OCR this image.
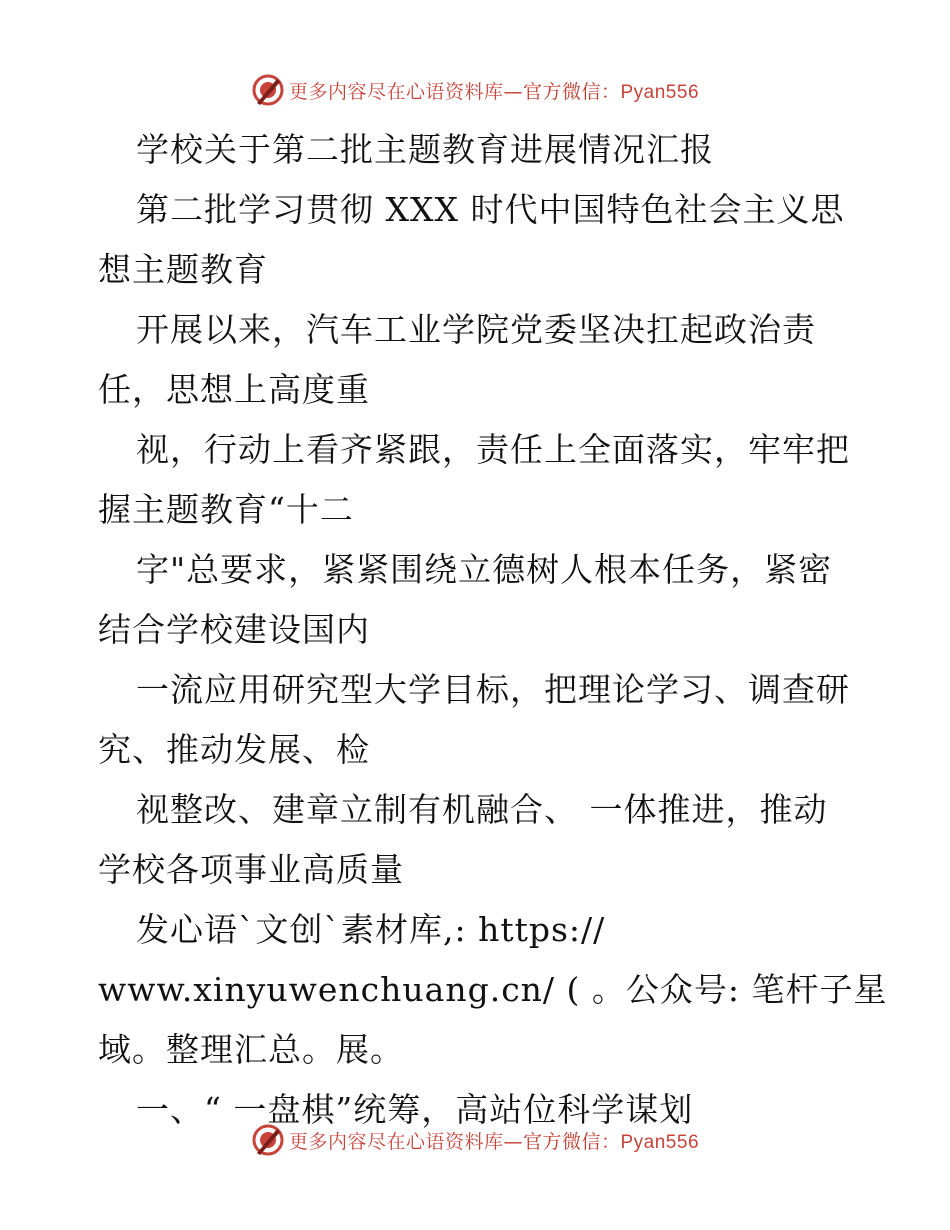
更多内容尽在心语资料库—官方微信：Pyan556
学校关于第二批主题教育进展情况汇报
第二批学习贯彻 XXX 时代中国特色社会主义思
想主题教育
开展以来，汽车工业学院党委坚决扛起政治责
任，思想上高度重
视，行动上看齐紧跟，责任上全面落实，牢牢把
握主题教育“十二
字"总要求，紧紧围绕立德树人根本任务，紧密
结合学校建设国内
一流应用研究型大学目标，把理论学习、调查研
究、推动发展、检
视整改、建章立制有机融合、 一体推进，推动
学校各项事业高质量
发心语`文创`素材库,: https://
www.xinyuwenchuang.cn/ ( 。公众号: 笔杆子星
域。整理汇总。展。
一、“ 一盘棋”统筹，高站位科学谋划
更多内容尽在心语资料库—官方微信：Pyan556
